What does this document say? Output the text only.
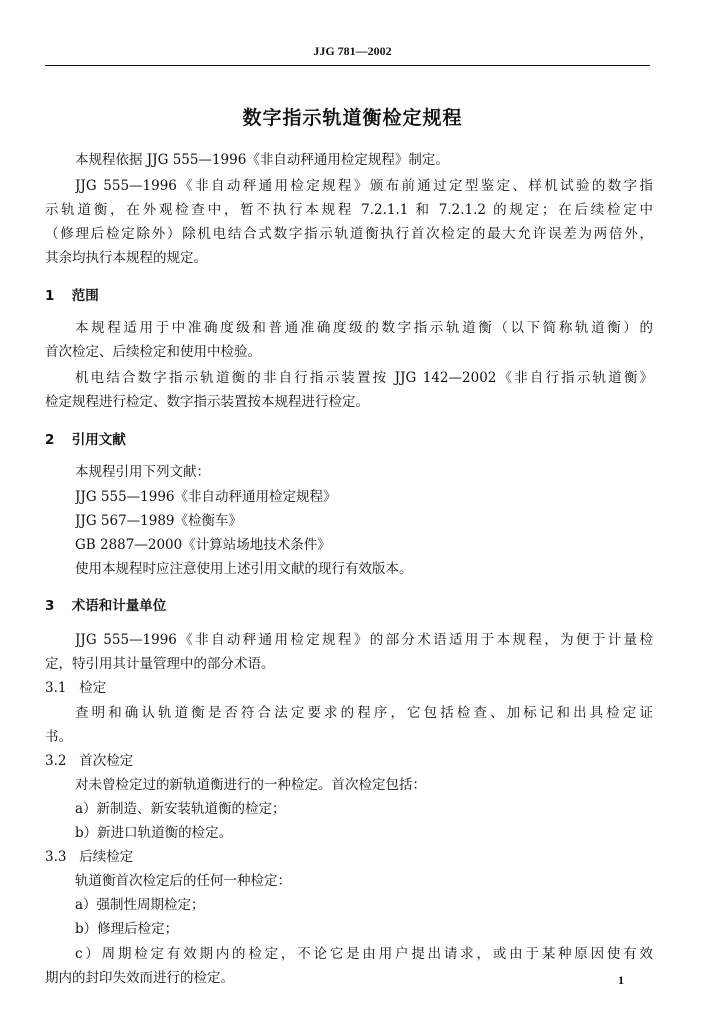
JJG 781—2002
数字指示轨道衡检定规程
本规程依据 JJG 555—1996《非自动秤通用检定规程》制定。
JJG 555—1996《非自动秤通用检定规程》颁布前通过定型鉴定、样机试验的数字指
示轨道衡，在外观检查中，暂不执行本规程 7.2.1.1 和 7.2.1.2 的规定；在后续检定中
（修理后检定除外）除机电结合式数字指示轨道衡执行首次检定的最大允许误差为两倍外，
其余均执行本规程的规定。
1 范围
本规程适用于中准确度级和普通准确度级的数字指示轨道衡（以下简称轨道衡）的
首次检定、后续检定和使用中检验。
机电结合数字指示轨道衡的非自行指示装置按 JJG 142—2002《非自行指示轨道衡》
检定规程进行检定、数字指示装置按本规程进行检定。
2 引用文献
本规程引用下列文献：
JJG 555—1996《非自动秤通用检定规程》
JJG 567—1989《检衡车》
GB 2887—2000《计算站场地技术条件》
使用本规程时应注意使用上述引用文献的现行有效版本。
3 术语和计量单位
JJG 555—1996《非自动秤通用检定规程》的部分术语适用于本规程，为便于计量检
定，特引用其计量管理中的部分术语。
3.1 检定
查明和确认轨道衡是否符合法定要求的程序，它包括检查、加标记和出具检定证
书。
3.2 首次检定
对未曾检定过的新轨道衡进行的一种检定。首次检定包括：
a）新制造、新安装轨道衡的检定；
b）新进口轨道衡的检定。
3.3 后续检定
轨道衡首次检定后的任何一种检定：
a）强制性周期检定；
b）修理后检定；
c）周期检定有效期内的检定，不论它是由用户提出请求，或由于某种原因使有效
期内的封印失效而进行的检定。	1
